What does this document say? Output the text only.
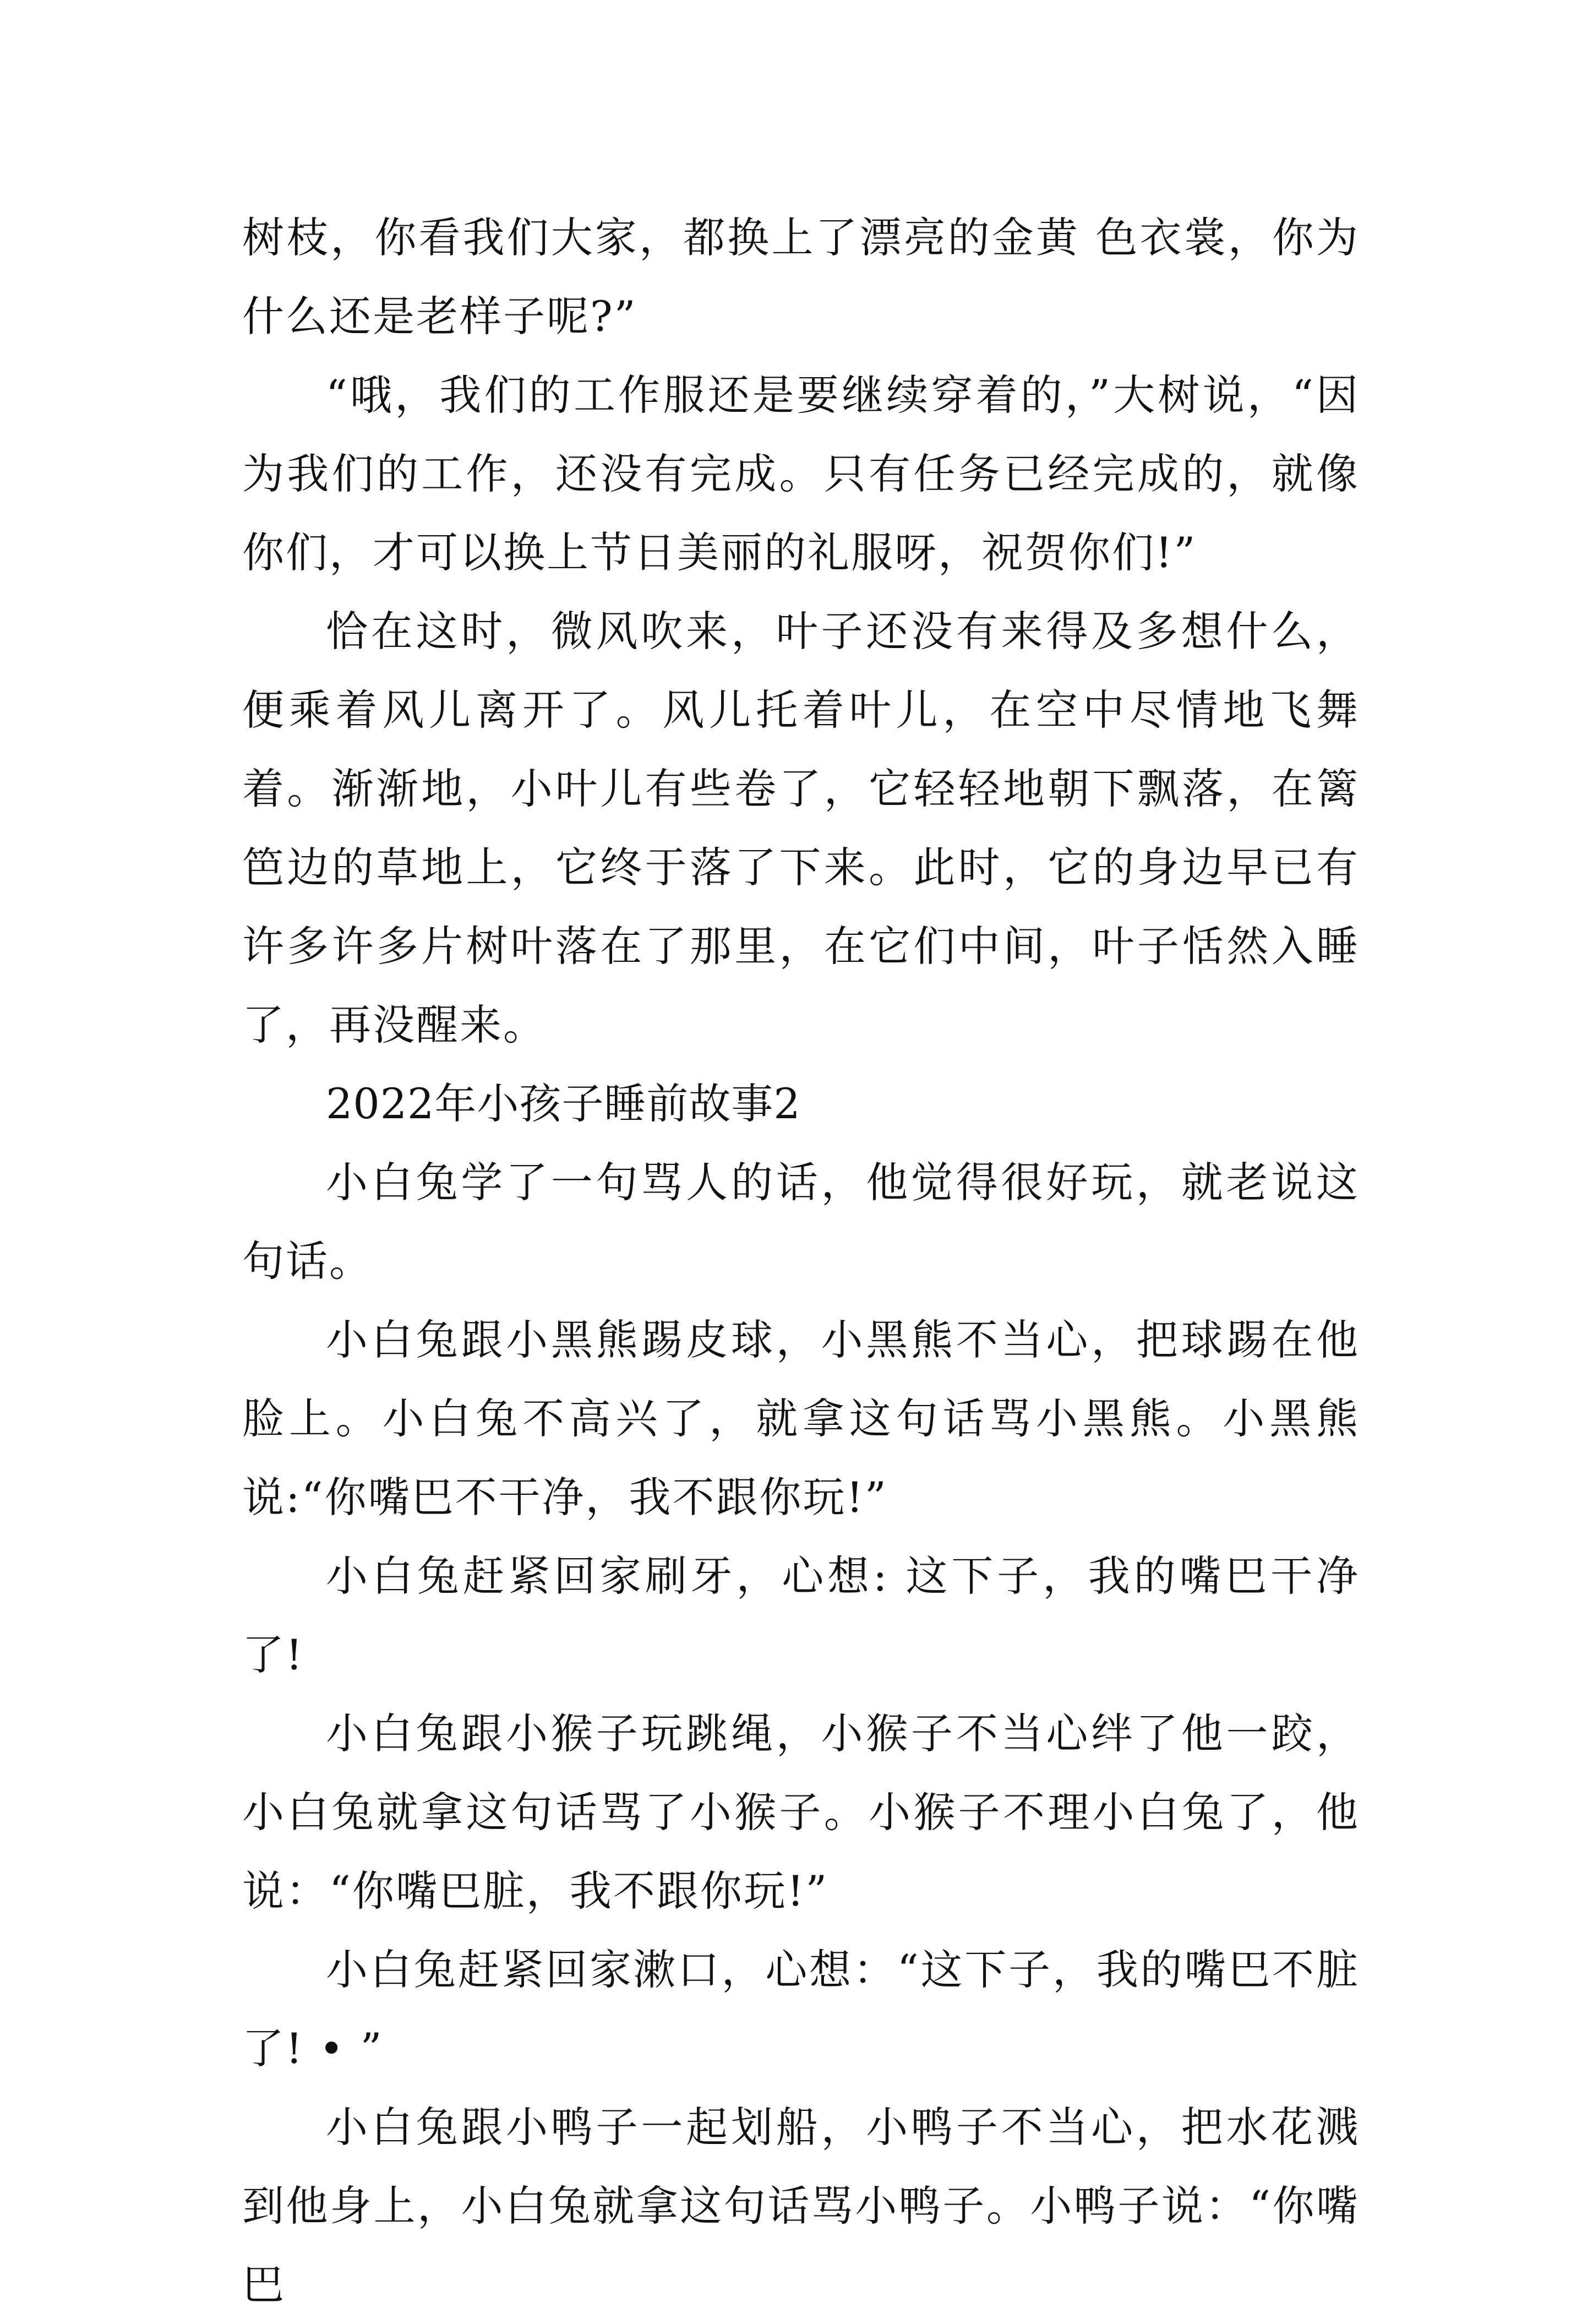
树枝，你看我们大家，都换上了漂亮的金黄 色衣裳，你为什么还是老样子呢?”

“哦，我们的工作服还是要继续穿着的，”大树说，“因为我们的工作，还没有完成。只有任务已经完成的，就像你们，才可以换上节日美丽的礼服呀，祝贺你们!”

恰在这时，微风吹来，叶子还没有来得及多想什么，便乘着风儿离开了。风儿托着叶儿，在空中尽情地飞舞着。渐渐地，小叶儿有些卷了，它轻轻地朝下飘落，在篱笆边的草地上，它终于落了下来。此时，它的身边早已有许多许多片树叶落在了那里，在它们中间，叶子恬然入睡了，再没醒来。

2022年小孩子睡前故事2

小白兔学了一句骂人的话，他觉得很好玩，就老说这句话。

小白兔跟小黑熊踢皮球，小黑熊不当心，把球踢在他脸上。小白兔不高兴了，就拿这句话骂小黑熊。小黑熊说:“你嘴巴不干净，我不跟你玩!”

小白兔赶紧回家刷牙，心想: 这下子，我的嘴巴干净了!

小白兔跟小猴子玩跳绳，小猴子不当心绊了他一跤，小白兔就拿这句话骂了小猴子。小猴子不理小白兔了，他说：“你嘴巴脏，我不跟你玩!”

小白兔赶紧回家漱口，心想：“这下子，我的嘴巴不脏了! • ”

小白兔跟小鸭子一起划船，小鸭子不当心，把水花溅到他身上，小白兔就拿这句话骂小鸭子。小鸭子说：“你嘴巴
